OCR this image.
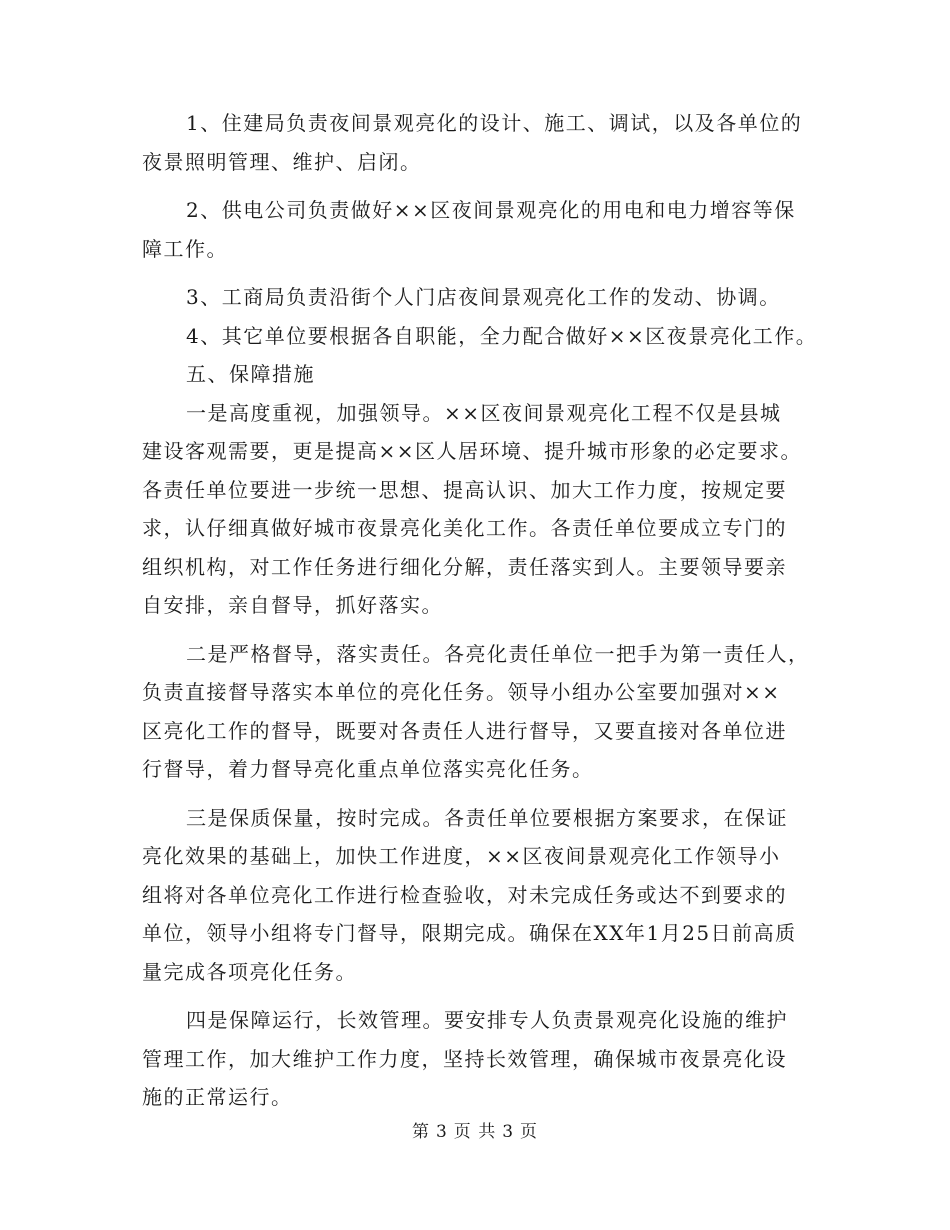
1、住建局负责夜间景观亮化的设计、施工、调试，以及各单位的
夜景照明管理、维护、启闭。
2、供电公司负责做好××区夜间景观亮化的用电和电力增容等保
障工作。
3、工商局负责沿街个人门店夜间景观亮化工作的发动、协调。
4、其它单位要根据各自职能，全力配合做好××区夜景亮化工作。
五、保障措施
一是高度重视，加强领导。××区夜间景观亮化工程不仅是县城
建设客观需要，更是提高××区人居环境、提升城市形象的必定要求。
各责任单位要进一步统一思想、提高认识、加大工作力度，按规定要
求，认仔细真做好城市夜景亮化美化工作。各责任单位要成立专门的
组织机构，对工作任务进行细化分解，责任落实到人。主要领导要亲
自安排，亲自督导，抓好落实。
二是严格督导，落实责任。各亮化责任单位一把手为第一责任人，
负责直接督导落实本单位的亮化任务。领导小组办公室要加强对××
区亮化工作的督导，既要对各责任人进行督导，又要直接对各单位进
行督导，着力督导亮化重点单位落实亮化任务。
三是保质保量，按时完成。各责任单位要根据方案要求，在保证
亮化效果的基础上，加快工作进度，××区夜间景观亮化工作领导小
组将对各单位亮化工作进行检查验收，对未完成任务或达不到要求的
单位，领导小组将专门督导，限期完成。确保在XX年1月25日前高质
量完成各项亮化任务。
四是保障运行，长效管理。要安排专人负责景观亮化设施的维护
管理工作，加大维护工作力度，坚持长效管理，确保城市夜景亮化设
施的正常运行。
第 3 页 共 3 页
